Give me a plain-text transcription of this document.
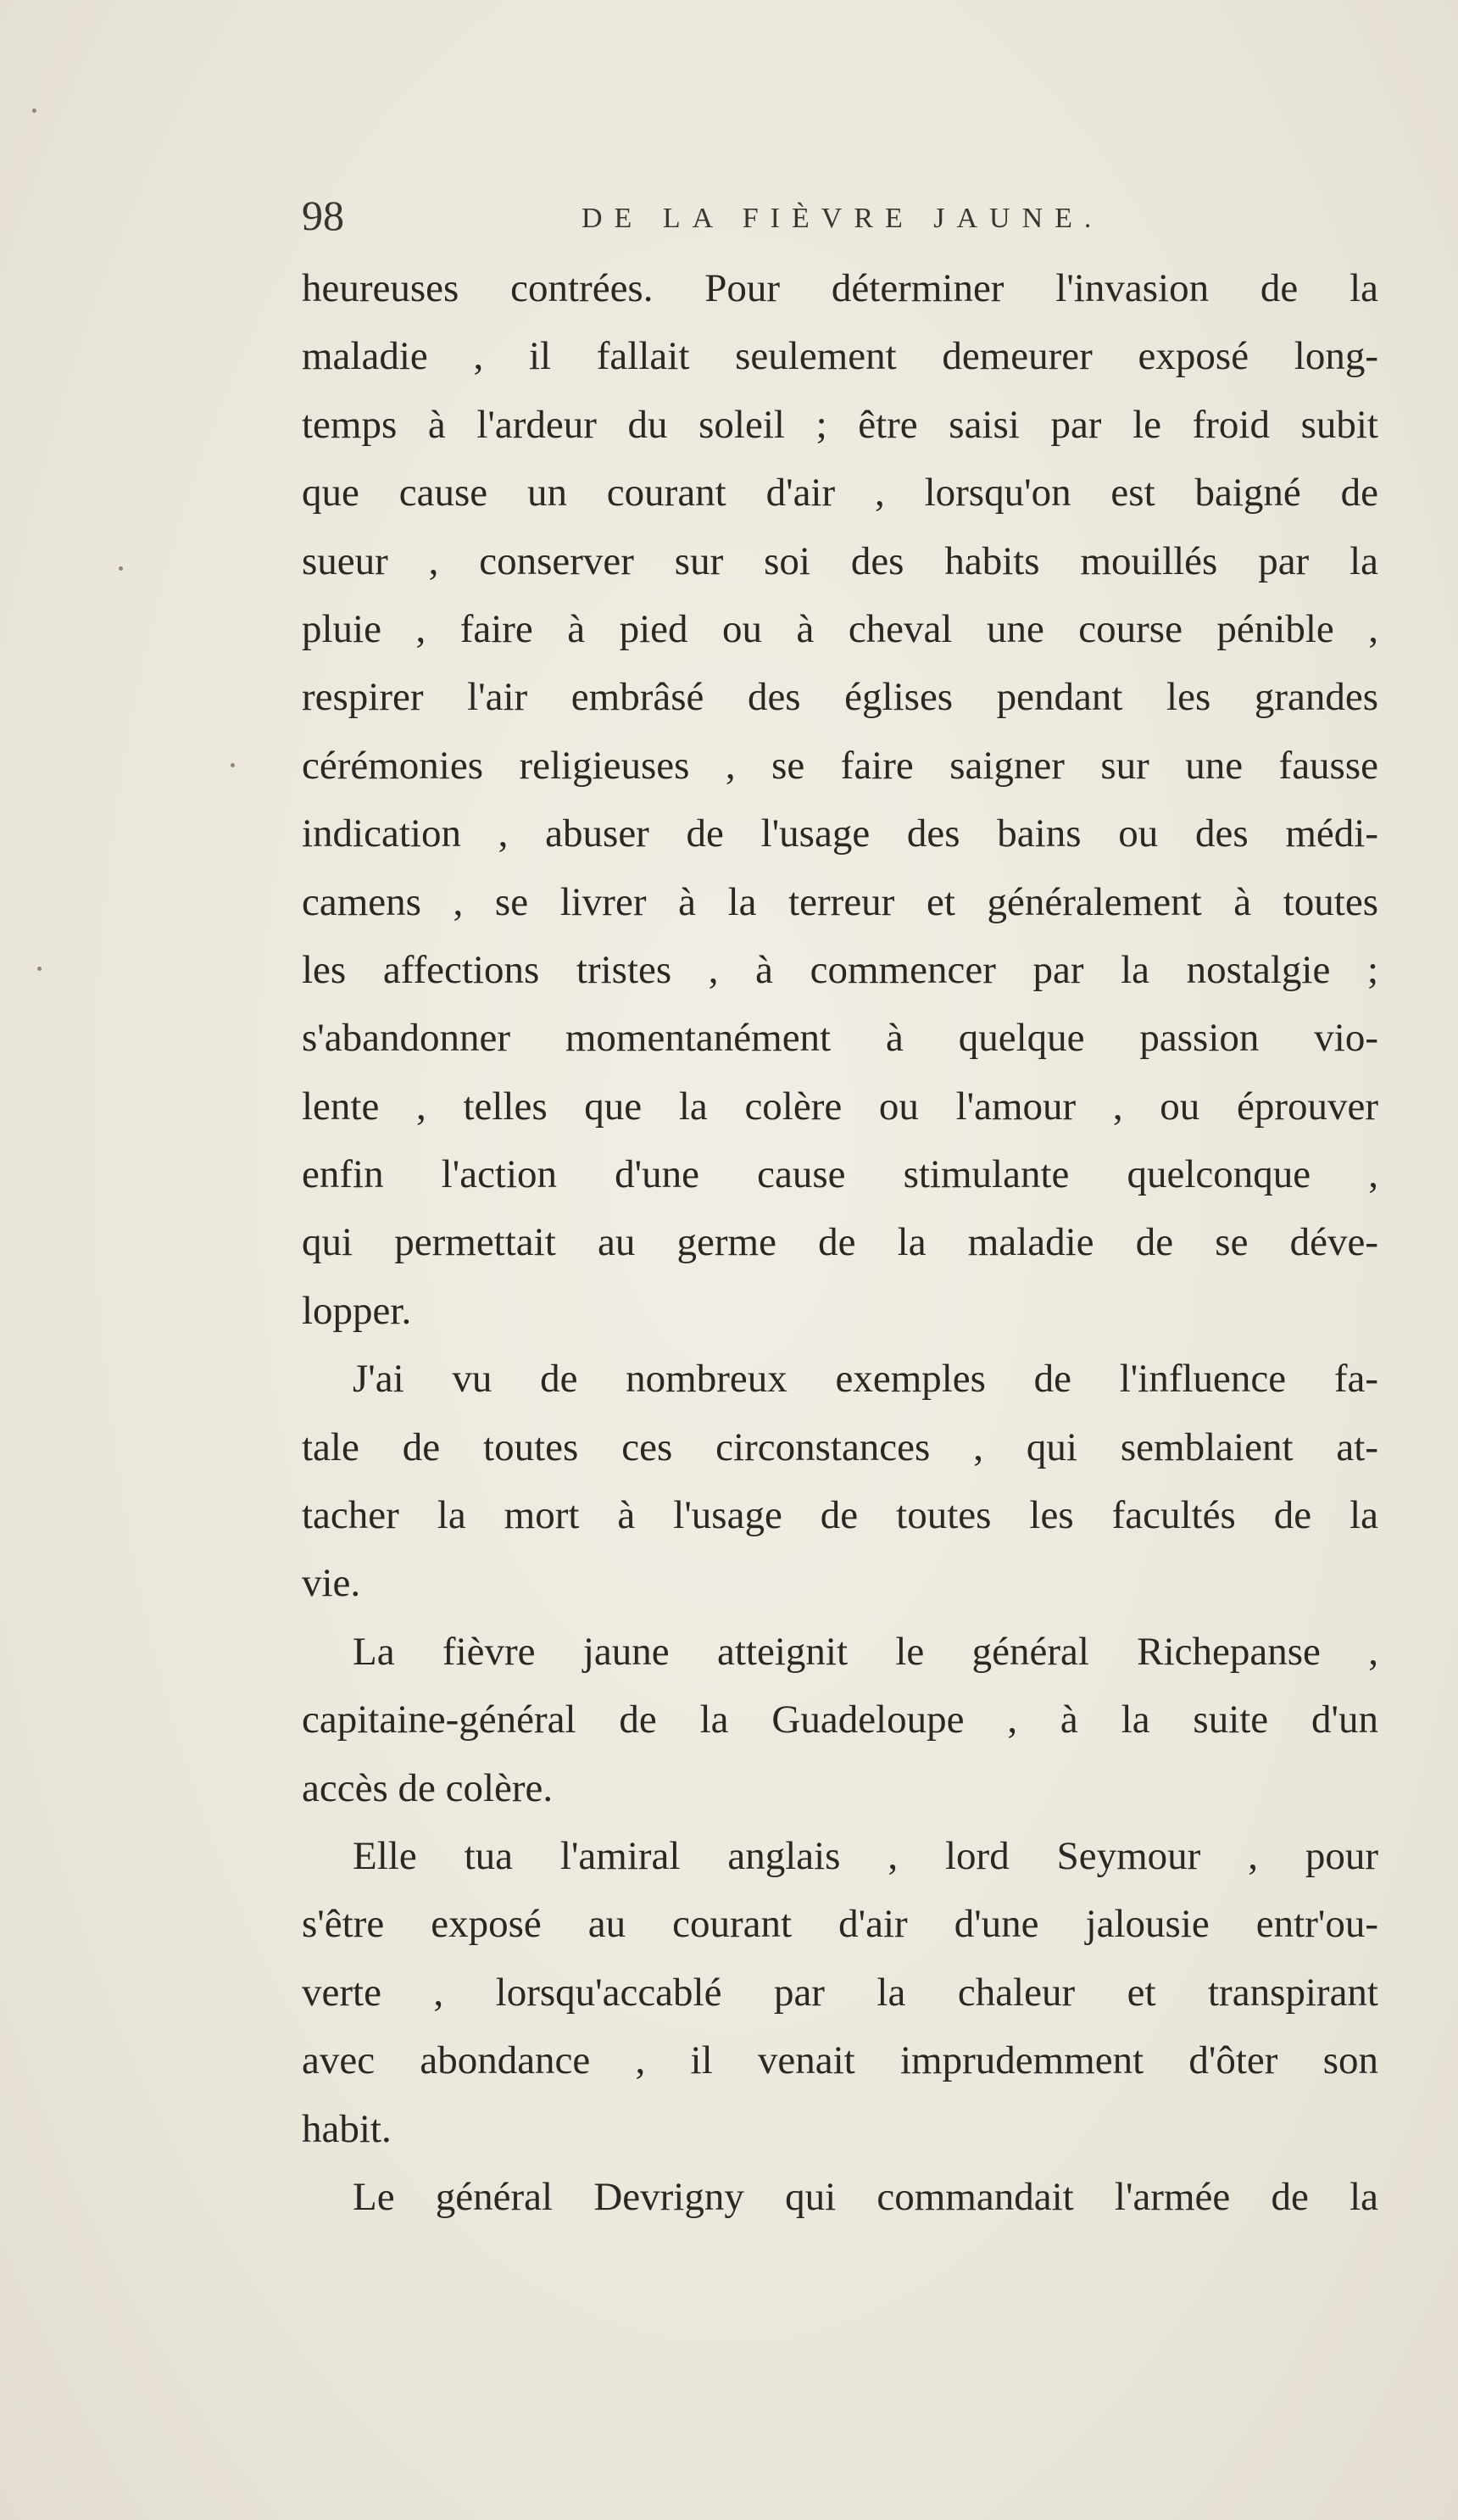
98	DE LA FIÈVRE JAUNE.
heureuses contrées. Pour déterminer l'invasion de la
maladie , il fallait seulement demeurer exposé long-
temps à l'ardeur du soleil ; être saisi par le froid subit
que cause un courant d'air , lorsqu'on est baigné de
sueur , conserver sur soi des habits mouillés par la
pluie , faire à pied ou à cheval une course pénible ,
respirer l'air embrâsé des églises pendant les grandes
cérémonies religieuses , se faire saigner sur une fausse
indication , abuser de l'usage des bains ou des médi-
camens , se livrer à la terreur et généralement à toutes
les affections tristes , à commencer par la nostalgie ;
s'abandonner momentanément à quelque passion vio-
lente , telles que la colère ou l'amour , ou éprouver
enfin l'action d'une cause stimulante quelconque ,
qui permettait au germe de la maladie de se déve-
lopper.
J'ai vu de nombreux exemples de l'influence fa-
tale de toutes ces circonstances , qui semblaient at-
tacher la mort à l'usage de toutes les facultés de la
vie.
La fièvre jaune atteignit le général Richepanse ,
capitaine-général de la Guadeloupe , à la suite d'un
accès de colère.
Elle tua l'amiral anglais , lord Seymour , pour
s'être exposé au courant d'air d'une jalousie entr'ou-
verte , lorsqu'accablé par la chaleur et transpirant
avec abondance , il venait imprudemment d'ôter son
habit.
Le général Devrigny qui commandait l'armée de la
